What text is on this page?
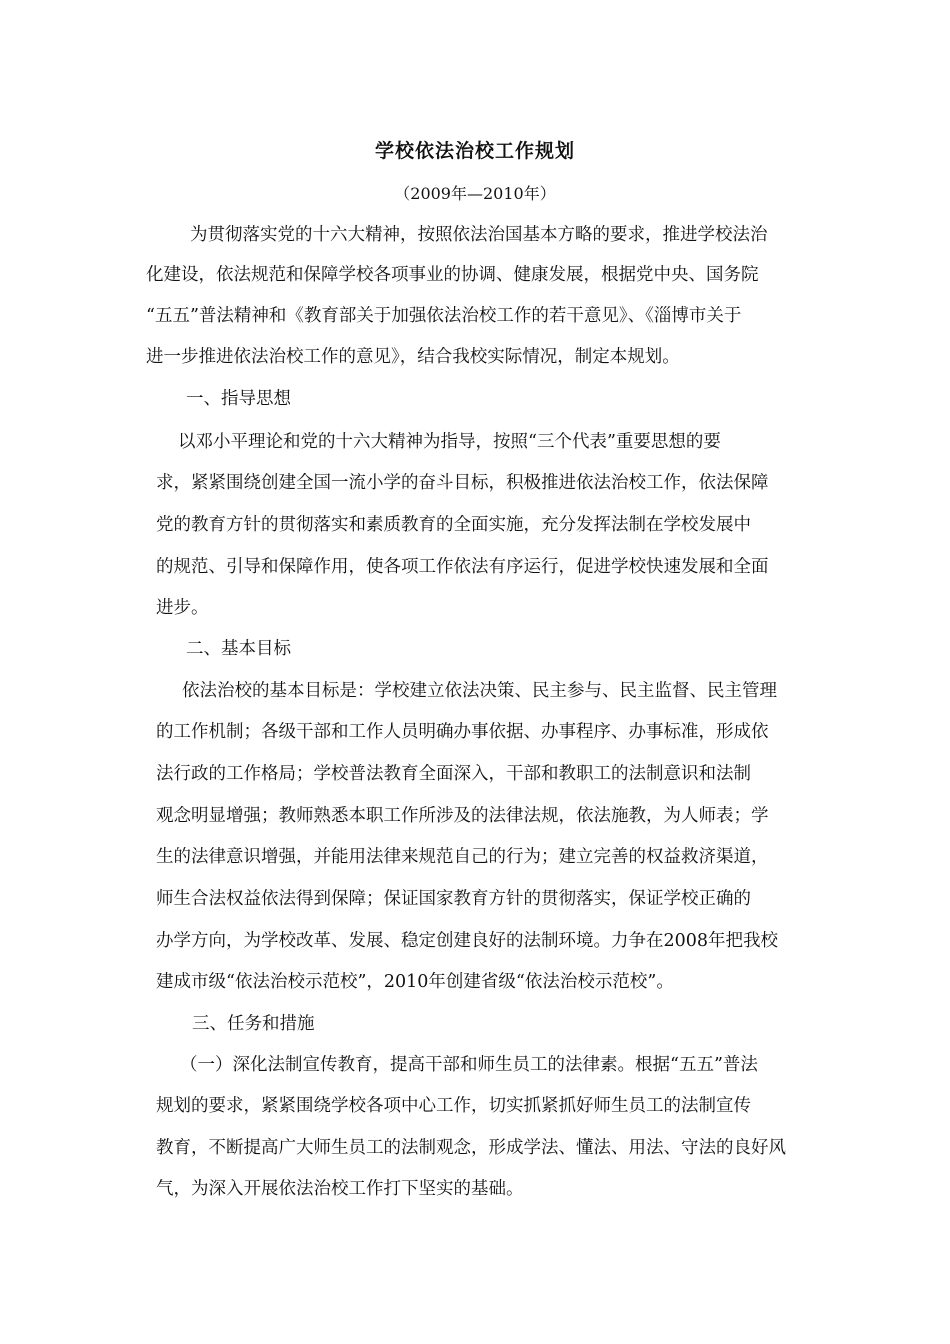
学校依法治校工作规划
（2009年—2010年）
为贯彻落实党的十六大精神，按照依法治国基本方略的要求，推进学校法治
化建设，依法规范和保障学校各项事业的协调、健康发展，根据党中央、国务院
“五五”普法精神和《教育部关于加强依法治校工作的若干意见》、《淄博市关于
进一步推进依法治校工作的意见》，结合我校实际情况，制定本规划。
一、指导思想
以邓小平理论和党的十六大精神为指导，按照“三个代表”重要思想的要
求，紧紧围绕创建全国一流小学的奋斗目标，积极推进依法治校工作，依法保障
党的教育方针的贯彻落实和素质教育的全面实施，充分发挥法制在学校发展中
的规范、引导和保障作用，使各项工作依法有序运行，促进学校快速发展和全面
进步。
二、基本目标
依法治校的基本目标是：学校建立依法决策、民主参与、民主监督、民主管理
的工作机制；各级干部和工作人员明确办事依据、办事程序、办事标准，形成依
法行政的工作格局；学校普法教育全面深入，干部和教职工的法制意识和法制
观念明显增强；教师熟悉本职工作所涉及的法律法规，依法施教，为人师表；学
生的法律意识增强，并能用法律来规范自己的行为；建立完善的权益救济渠道，
师生合法权益依法得到保障；保证国家教育方针的贯彻落实，保证学校正确的
办学方向，为学校改革、发展、稳定创建良好的法制环境。力争在2008年把我校
建成市级“依法治校示范校”，2010年创建省级“依法治校示范校”。
三、任务和措施
（一）深化法制宣传教育，提高干部和师生员工的法律素。根据“五五”普法
规划的要求，紧紧围绕学校各项中心工作，切实抓紧抓好师生员工的法制宣传
教育，不断提高广大师生员工的法制观念，形成学法、懂法、用法、守法的良好风
气，为深入开展依法治校工作打下坚实的基础。
